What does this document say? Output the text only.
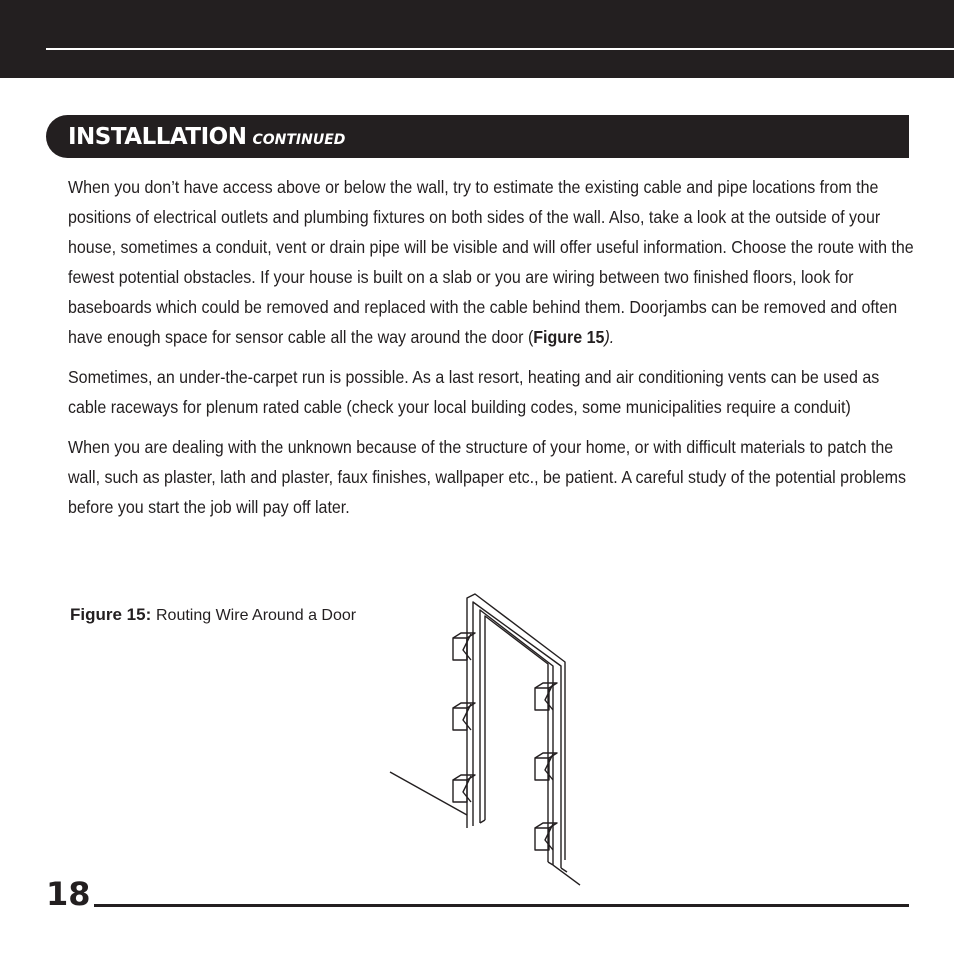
INSTALLATION CONTINUED

When you don’t have access above or below the wall, try to estimate the existing cable and pipe locations from the positions of electrical outlets and plumbing fixtures on both sides of the wall. Also, take a look at the outside of your house, sometimes a conduit, vent or drain pipe will be visible and will offer useful information. Choose the route with the fewest potential obstacles. If your house is built on a slab or you are wiring between two finished floors, look for baseboards which could be removed and replaced with the cable behind them. Doorjambs can be removed and often have enough space for sensor cable all the way around the door (Figure 15).

Sometimes, an under-the-carpet run is possible. As a last resort, heating and air conditioning vents can be used as cable raceways for plenum rated cable (check your local building codes, some municipalities require a conduit)

When you are dealing with the unknown because of the structure of your home, or with difficult materials to patch the wall, such as plaster, lath and plaster, faux finishes, wallpaper etc., be patient. A careful study of the potential problems before you start the job will pay off later.

Figure 15: Routing Wire Around a Door
18
